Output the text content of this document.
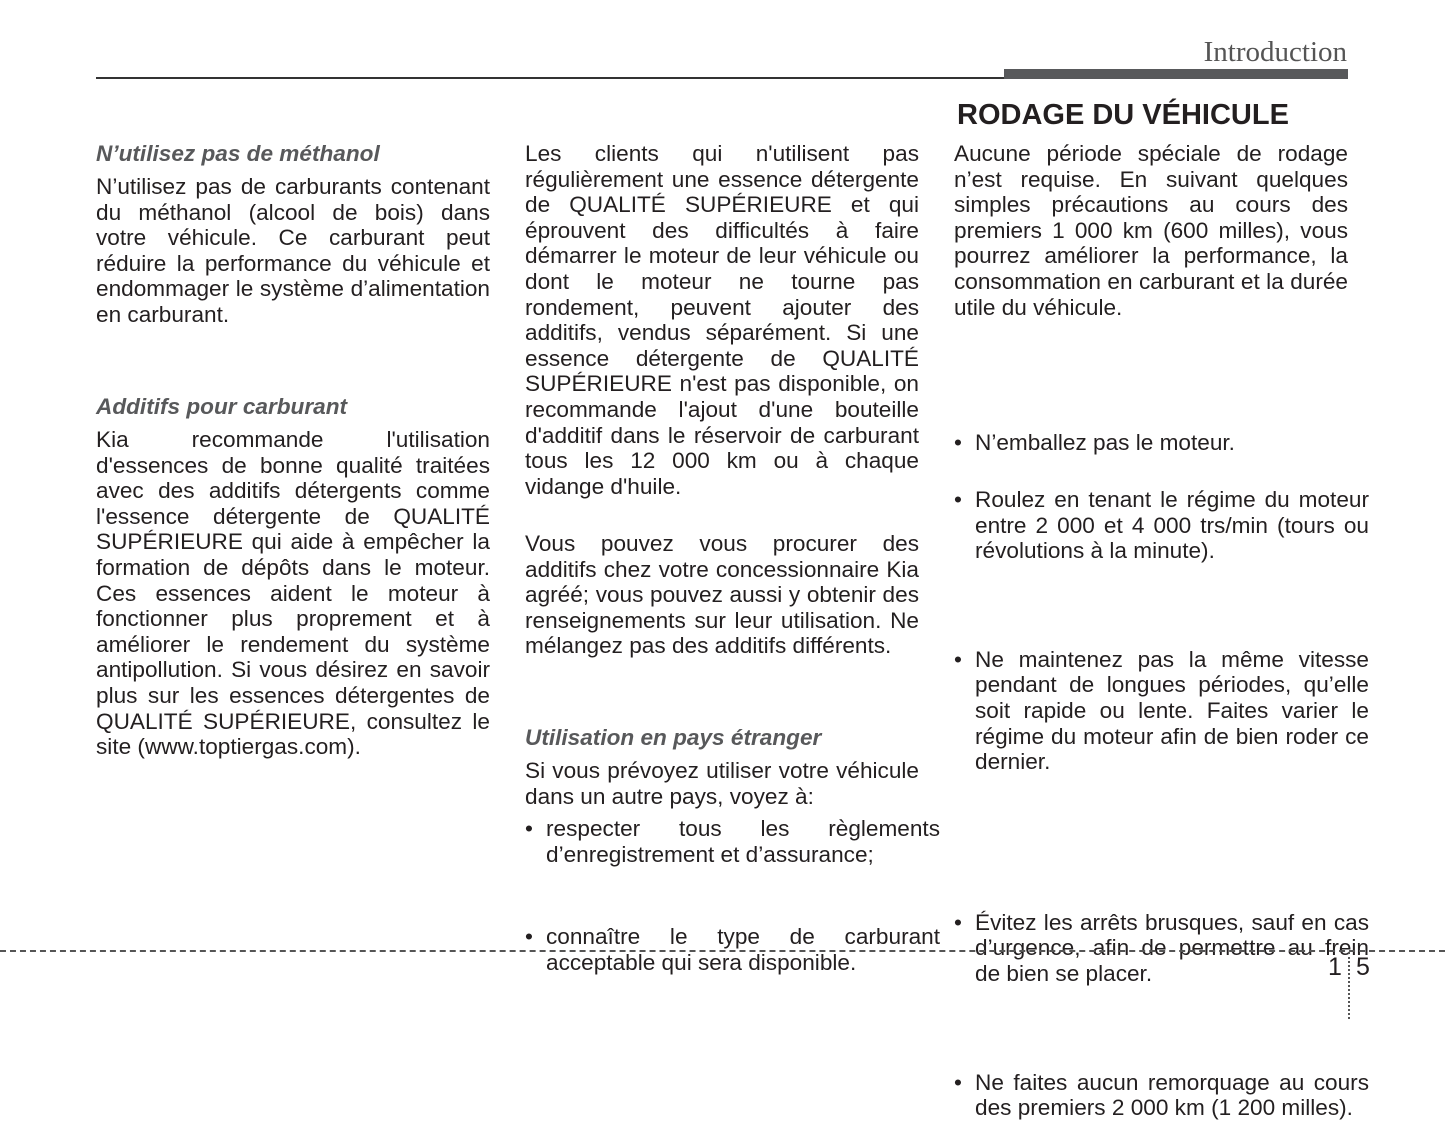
Introduction
N’utilisez pas de méthanol
N’utilisez pas de carburants contenant du méthanol (alcool de bois) dans votre véhicule. Ce carburant peut réduire la performance du véhicule et endommager le système d’alimentation en carburant.
Additifs pour carburant
Kia recommande l'utilisation d'essences de bonne qualité traitées avec des additifs détergents comme l'essence détergente de QUALITÉ SUPÉRIEURE qui aide à empêcher la formation de dépôts dans le moteur. Ces essences aident le moteur à fonctionner plus proprement et à améliorer le rendement du système antipollution. Si vous désirez en savoir plus sur les essences détergentes de QUALITÉ SUPÉRIEURE, consultez le site (www.toptiergas.com).
Les clients qui n'utilisent pas régulièrement une essence détergente de QUALITÉ SUPÉRIEURE et qui éprouvent des difficultés à faire démarrer le moteur de leur véhicule ou dont le moteur ne tourne pas rondement, peuvent ajouter des additifs, vendus séparément. Si une essence détergente de QUALITÉ SUPÉRIEURE n'est pas disponible, on recommande l'ajout d'une bouteille d'additif dans le réservoir de carburant tous les 12 000 km ou à chaque vidange d'huile.
Vous pouvez vous procurer des additifs chez votre concessionnaire Kia agréé; vous pouvez aussi y obtenir des renseignements sur leur utilisation. Ne mélangez pas des additifs différents.
Utilisation en pays étranger
Si vous prévoyez utiliser votre véhicule dans un autre pays, voyez à:
• respecter tous les règlements d’enregistrement et d’assurance;
• connaître le type de carburant acceptable qui sera disponible.
RODAGE DU VÉHICULE
Aucune période spéciale de rodage n’est requise. En suivant quelques simples précautions au cours des premiers 1 000 km (600 milles), vous pourrez améliorer la performance, la consommation en carburant et la durée utile du véhicule.
• N’emballez pas le moteur.
• Roulez en tenant le régime du moteur entre 2 000 et 4 000 trs/min (tours ou révolutions à la minute).
• Ne maintenez pas la même vitesse pendant de longues périodes, qu’elle soit rapide ou lente. Faites varier le régime du moteur afin de bien roder ce dernier.
• Évitez les arrêts brusques, sauf en cas d’urgence, afin de permettre au frein de bien se placer.
• Ne faites aucun remorquage au cours des premiers 2 000 km (1 200 milles).
1 5
